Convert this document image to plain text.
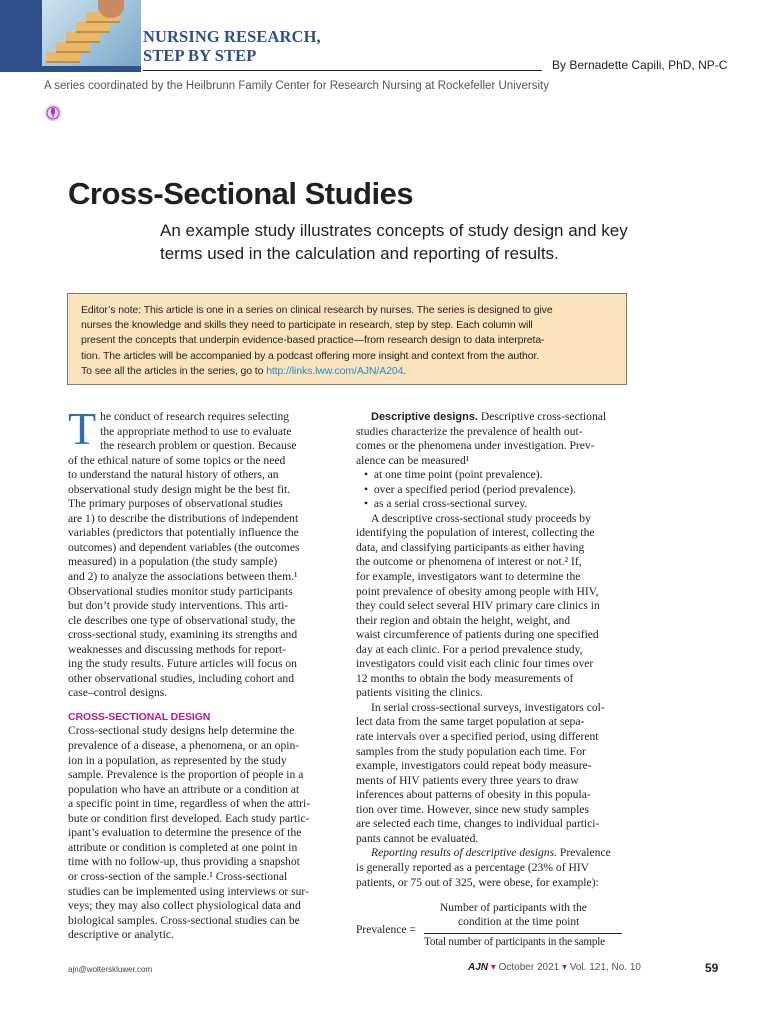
NURSING RESEARCH,
STEP BY STEP	By Bernadette Capili, PhD, NP-C
A series coordinated by the Heilbrunn Family Center for Research Nursing at Rockefeller University
Cross-Sectional Studies
An example study illustrates concepts of study design and key terms used in the calculation and reporting of results.
Editor’s note: This article is one in a series on clinical research by nurses. The series is designed to give
nurses the knowledge and skills they need to participate in research, step by step. Each column will
present the concepts that underpin evidence-based practice—from research design to data interpreta-
tion. The articles will be accompanied by a podcast offering more insight and context from the author.
To see all the articles in the series, go to http://links.lww.com/AJN/A204.
T he conduct of research requires selecting
the appropriate method to use to evaluate
the research problem or question. Because
of the ethical nature of some topics or the need
to understand the natural history of others, an
observational study design might be the best fit.
The primary purposes of observational studies
are 1) to describe the distributions of independent
variables (predictors that potentially influence the
outcomes) and dependent variables (the outcomes
measured) in a population (the study sample)
and 2) to analyze the associations between them.¹
Observational studies monitor study participants
but don’t provide study interventions. This arti-
cle describes one type of observational study, the
cross-sectional study, examining its strengths and
weaknesses and discussing methods for report-
ing the study results. Future articles will focus on
other observational studies, including cohort and
case–control designs.
CROSS-SECTIONAL DESIGN
Cross-sectional study designs help determine the
prevalence of a disease, a phenomena, or an opin-
ion in a population, as represented by the study
sample. Prevalence is the proportion of people in a
population who have an attribute or a condition at
a specific point in time, regardless of when the attri-
bute or condition first developed. Each study partic-
ipant’s evaluation to determine the presence of the
attribute or condition is completed at one point in
time with no follow-up, thus providing a snapshot
or cross-section of the sample.¹ Cross-sectional
studies can be implemented using interviews or sur-
veys; they may also collect physiological data and
biological samples. Cross-sectional studies can be
descriptive or analytic.
Descriptive designs. Descriptive cross-sectional
studies characterize the prevalence of health out-
comes or the phenomena under investigation. Prev-
alence can be measured¹
•  at one time point (point prevalence).
•  over a specified period (period prevalence).
•  as a serial cross-sectional survey.
A descriptive cross-sectional study proceeds by
identifying the population of interest, collecting the
data, and classifying participants as either having
the outcome or phenomena of interest or not.² If,
for example, investigators want to determine the
point prevalence of obesity among people with HIV,
they could select several HIV primary care clinics in
their region and obtain the height, weight, and
waist circumference of patients during one specified
day at each clinic. For a period prevalence study,
investigators could visit each clinic four times over
12 months to obtain the body measurements of
patients visiting the clinics.
In serial cross-sectional surveys, investigators col-
lect data from the same target population at sepa-
rate intervals over a specified period, using different
samples from the study population each time. For
example, investigators could repeat body measure-
ments of HIV patients every three years to draw
inferences about patterns of obesity in this popula-
tion over time. However, since new study samples
are selected each time, changes to individual partici-
pants cannot be evaluated.
Reporting results of descriptive designs. Prevalence
is generally reported as a percentage (23% of HIV
patients, or 75 out of 325, were obese, for example):
Prevalence =
Number of participants with the
condition at the time point
Total number of participants in the sample
ajn@wolterskluwer.com	AJN ▾ October 2021 ▾ Vol. 121, No. 10	59
